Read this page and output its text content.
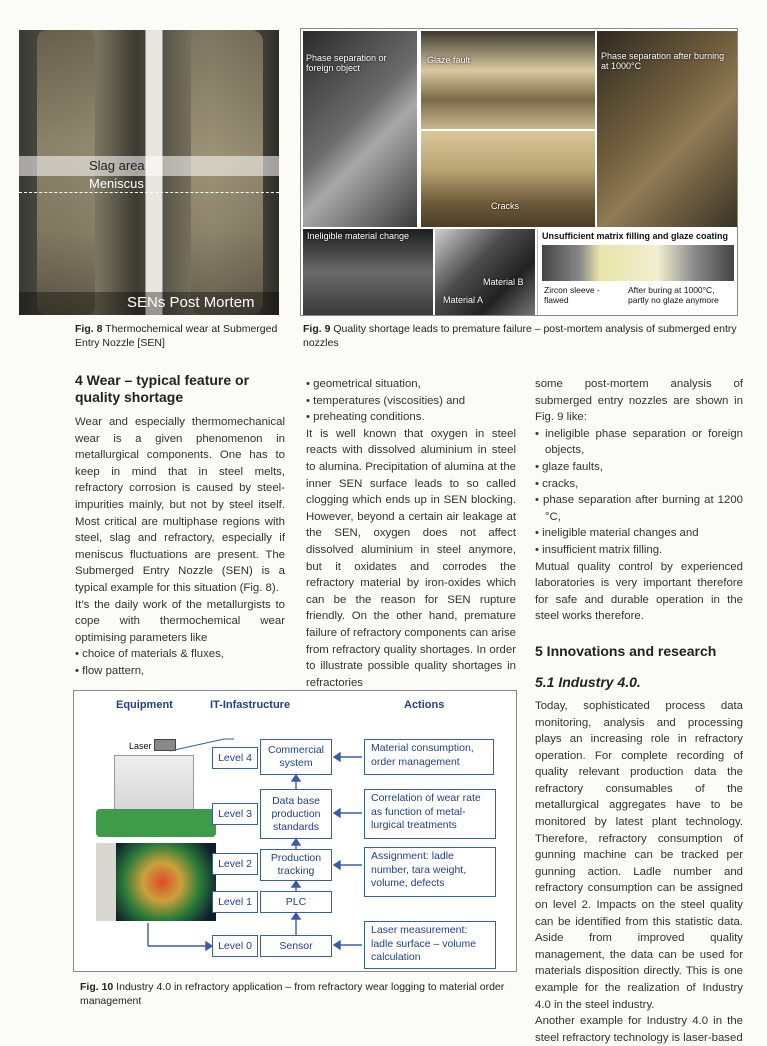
Slag area
Meniscus
SENs Post Mortem
Fig. 8 Thermochemical wear at Submerged Entry Nozzle [SEN]
Phase separation or foreign object
Glaze fault
Cracks
Phase separation after burning at 1000°C
Ineligible material change
Material B
Material A
Unsufficient matrix filling and glaze coating
Zircon sleeve - flawed
After buring at 1000°C, partly no glaze anymore
Fig. 9 Quality shortage leads to premature failure – post-mortem analysis of submerged entry nozzles
4 Wear – typical feature or quality shortage

Wear and especially thermomechanical wear is a given phenomenon in metallurgical components. One has to keep in mind that in steel melts, refractory corrosion is caused by steel-impurities mainly, but not by steel itself. Most critical are multiphase regions with steel, slag and refractory, especially if meniscus fluctuations are present. The Submerged Entry Nozzle (SEN) is a typical example for this situation (Fig. 8).

It’s the daily work of the metallurgists to cope with thermochemical wear optimising parameters like

• choice of materials & fluxes,
• flow pattern,
• geometrical situation,
• temperatures (viscosities) and
• preheating conditions.

It is well known that oxygen in steel reacts with dissolved aluminium in steel to alumina. Precipitation of alumina at the inner SEN surface leads to so called clogging which ends up in SEN blocking. However, beyond a certain air leakage at the SEN, oxygen does not affect dissolved aluminium in steel anymore, but it oxidates and corrodes the refractory material by iron-oxides which can be the reason for SEN rupture friendly. On the other hand, premature failure of refractory components can arise from refractory quality shortages. In order to illustrate possible quality shortages in refractories

some post-mortem analysis of submerged entry nozzles are shown in Fig. 9 like:

• ineligible phase separation or foreign objects,
• glaze faults,
• cracks,
• phase separation after burning at 1200 °C,
• ineligible material changes and
• insufficient matrix filling.

Mutual quality control by experienced laboratories is very important therefore for safe and durable operation in the steel works therefore.

5 Innovations and research
5.1 Industry 4.0.

Today, sophisticated process data monitoring, analysis and processing plays an increasing role in refractory operation. For complete recording of quality relevant production data the refractory consumables of the metallurgical aggregates have to be monitored by latest plant technology. Therefore, refractory consumption of gunning machine can be tracked per gunning action. Ladle number and refractory consumption can be assigned on level 2. Impacts on the steel quality can be identified from this statistic data. Aside from improved quality management, the data can be used for materials disposition directly. This is one example for the realization of Industry 4.0 in the steel industry.

Another example for Industry 4.0 in the steel refractory technology is laser-based

Equipment	IT-Infastructure	Actions
Laser
Level 4
Level 3
Level 2
Level 1
Level 0
Commercial system
Data base production standards
Production tracking
PLC
Sensor
Material consumption, order management
Correlation of wear rate as function of metal-lurgical treatments
Assignment: ladle number, tara weight, volume, defects
Laser measurement: ladle surface – volume calculation
Fig. 10 Industry 4.0 in refractory application – from refractory wear logging to material order management
